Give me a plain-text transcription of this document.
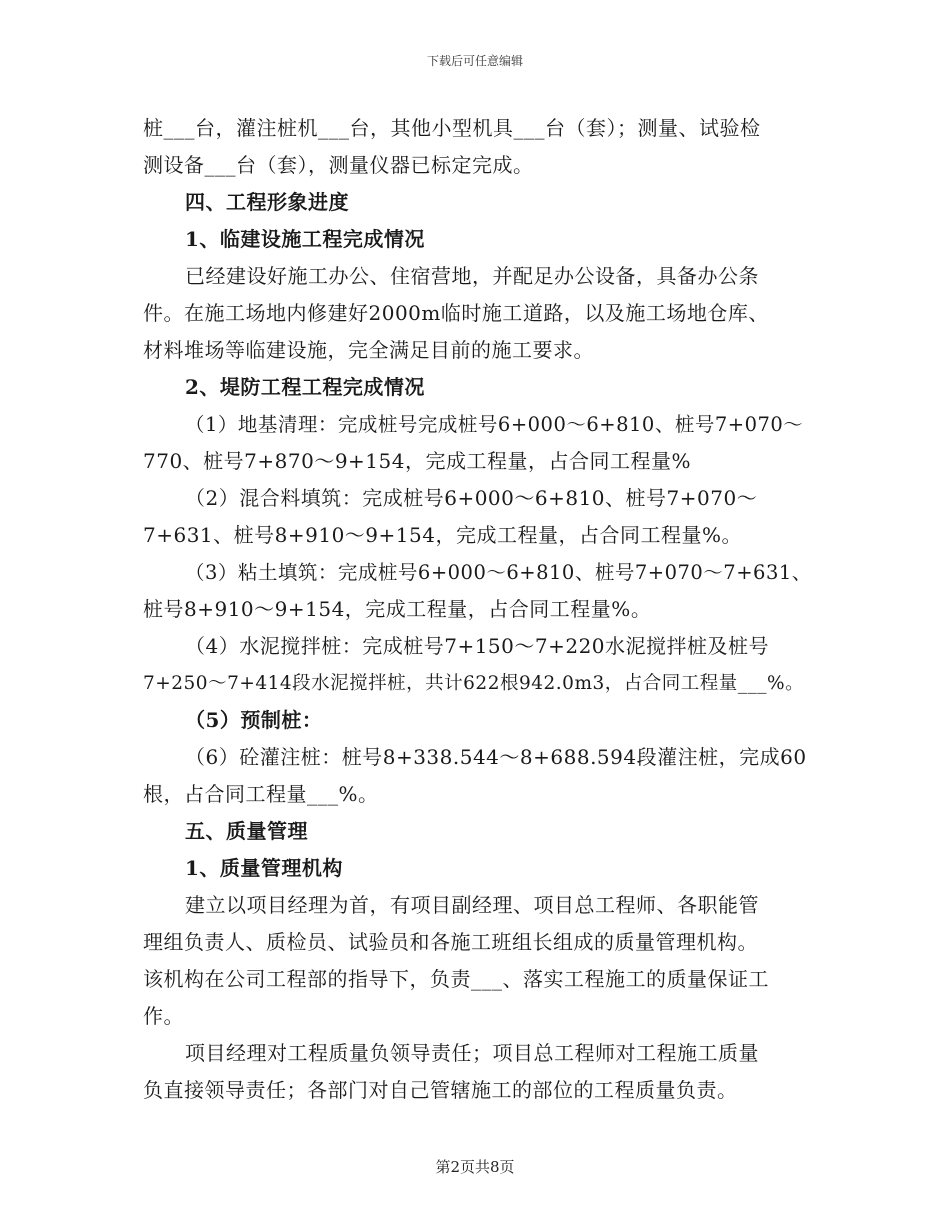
下载后可任意编辑

桩___台，灌注桩机___台，其他小型机具___台（套）；测量、试验检

测设备___台（套），测量仪器已标定完成。

四、工程形象进度

1、临建设施工程完成情况

已经建设好施工办公、住宿营地，并配足办公设备，具备办公条

件。在施工场地内修建好2000m临时施工道路，以及施工场地仓库、

材料堆场等临建设施，完全满足目前的施工要求。

2、堤防工程工程完成情况

（1）地基清理：完成桩号完成桩号6+000～6+810、桩号7+070～

770、桩号7+870～9+154，完成工程量，占合同工程量%

（2）混合料填筑：完成桩号6+000～6+810、桩号7+070～

7+631、桩号8+910～9+154，完成工程量，占合同工程量%。

（3）粘土填筑：完成桩号6+000～6+810、桩号7+070～7+631、

桩号8+910～9+154，完成工程量，占合同工程量%。

（4）水泥搅拌桩：完成桩号7+150～7+220水泥搅拌桩及桩号

7+250～7+414段水泥搅拌桩，共计622根942.0m3，占合同工程量___%。

（5）预制桩：

（6）砼灌注桩：桩号8+338.544～8+688.594段灌注桩，完成60

根，占合同工程量___%。

五、质量管理

1、质量管理机构

建立以项目经理为首，有项目副经理、项目总工程师、各职能管

理组负责人、质检员、试验员和各施工班组长组成的质量管理机构。

该机构在公司工程部的指导下，负责___、落实工程施工的质量保证工

作。

项目经理对工程质量负领导责任；项目总工程师对工程施工质量

负直接领导责任；各部门对自己管辖施工的部位的工程质量负责。

第2页共8页
